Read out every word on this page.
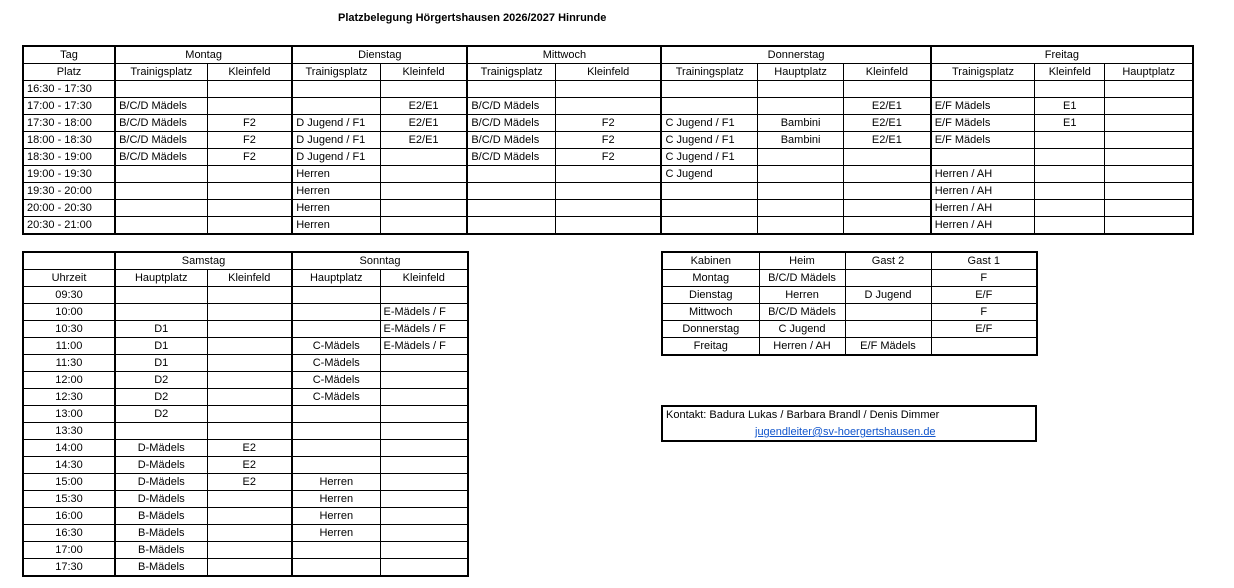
Platzbelegung Hörgertshausen 2026/2027 Hinrunde
Tag	Montag		Dienstag		Mittwoch		Donnerstag			Freitag		
Platz	Trainigsplatz	Kleinfeld	Trainigsplatz	Kleinfeld	Trainigsplatz	Kleinfeld	Trainingsplatz	Hauptplatz	Kleinfeld	Trainigsplatz	Kleinfeld	Hauptplatz
16:30 - 17:30												
17:00 - 17:30	B/C/D Mädels			E2/E1	B/C/D Mädels				E2/E1	E/F Mädels	E1	
17:30 - 18:00	B/C/D Mädels	F2	D Jugend / F1	E2/E1	B/C/D Mädels	F2	C Jugend / F1	Bambini	E2/E1	E/F Mädels	E1	
18:00 - 18:30	B/C/D Mädels	F2	D Jugend / F1	E2/E1	B/C/D Mädels	F2	C Jugend / F1	Bambini	E2/E1	E/F Mädels		
18:30 - 19:00	B/C/D Mädels	F2	D Jugend / F1		B/C/D Mädels	F2	C Jugend / F1					
19:00 - 19:30			Herren				C Jugend			Herren / AH		
19:30 - 20:00			Herren							Herren / AH		
20:00 - 20:30			Herren							Herren / AH		
20:30 - 21:00			Herren							Herren / AH		
	Samstag		Sonntag	
Uhrzeit	Hauptplatz	Kleinfeld	Hauptplatz	Kleinfeld
09:30				
10:00				E-Mädels / F
10:30	D1			E-Mädels / F
11:00	D1		C-Mädels	E-Mädels / F
11:30	D1		C-Mädels	
12:00	D2		C-Mädels	
12:30	D2		C-Mädels	
13:00	D2			
13:30				
14:00	D-Mädels	E2		
14:30	D-Mädels	E2		
15:00	D-Mädels	E2	Herren	
15:30	D-Mädels		Herren	
16:00	B-Mädels		Herren	
16:30	B-Mädels		Herren	
17:00	B-Mädels			
17:30	B-Mädels			
Kabinen	Heim	Gast 2	Gast 1
Montag	B/C/D Mädels		F
Dienstag	Herren	D Jugend	E/F
Mittwoch	B/C/D Mädels		F
Donnerstag	C Jugend		E/F
Freitag	Herren / AH	E/F Mädels	
Kontakt: Badura Lukas / Barbara Brandl / Denis Dimmer
jugendleiter@sv-hoergertshausen.de
